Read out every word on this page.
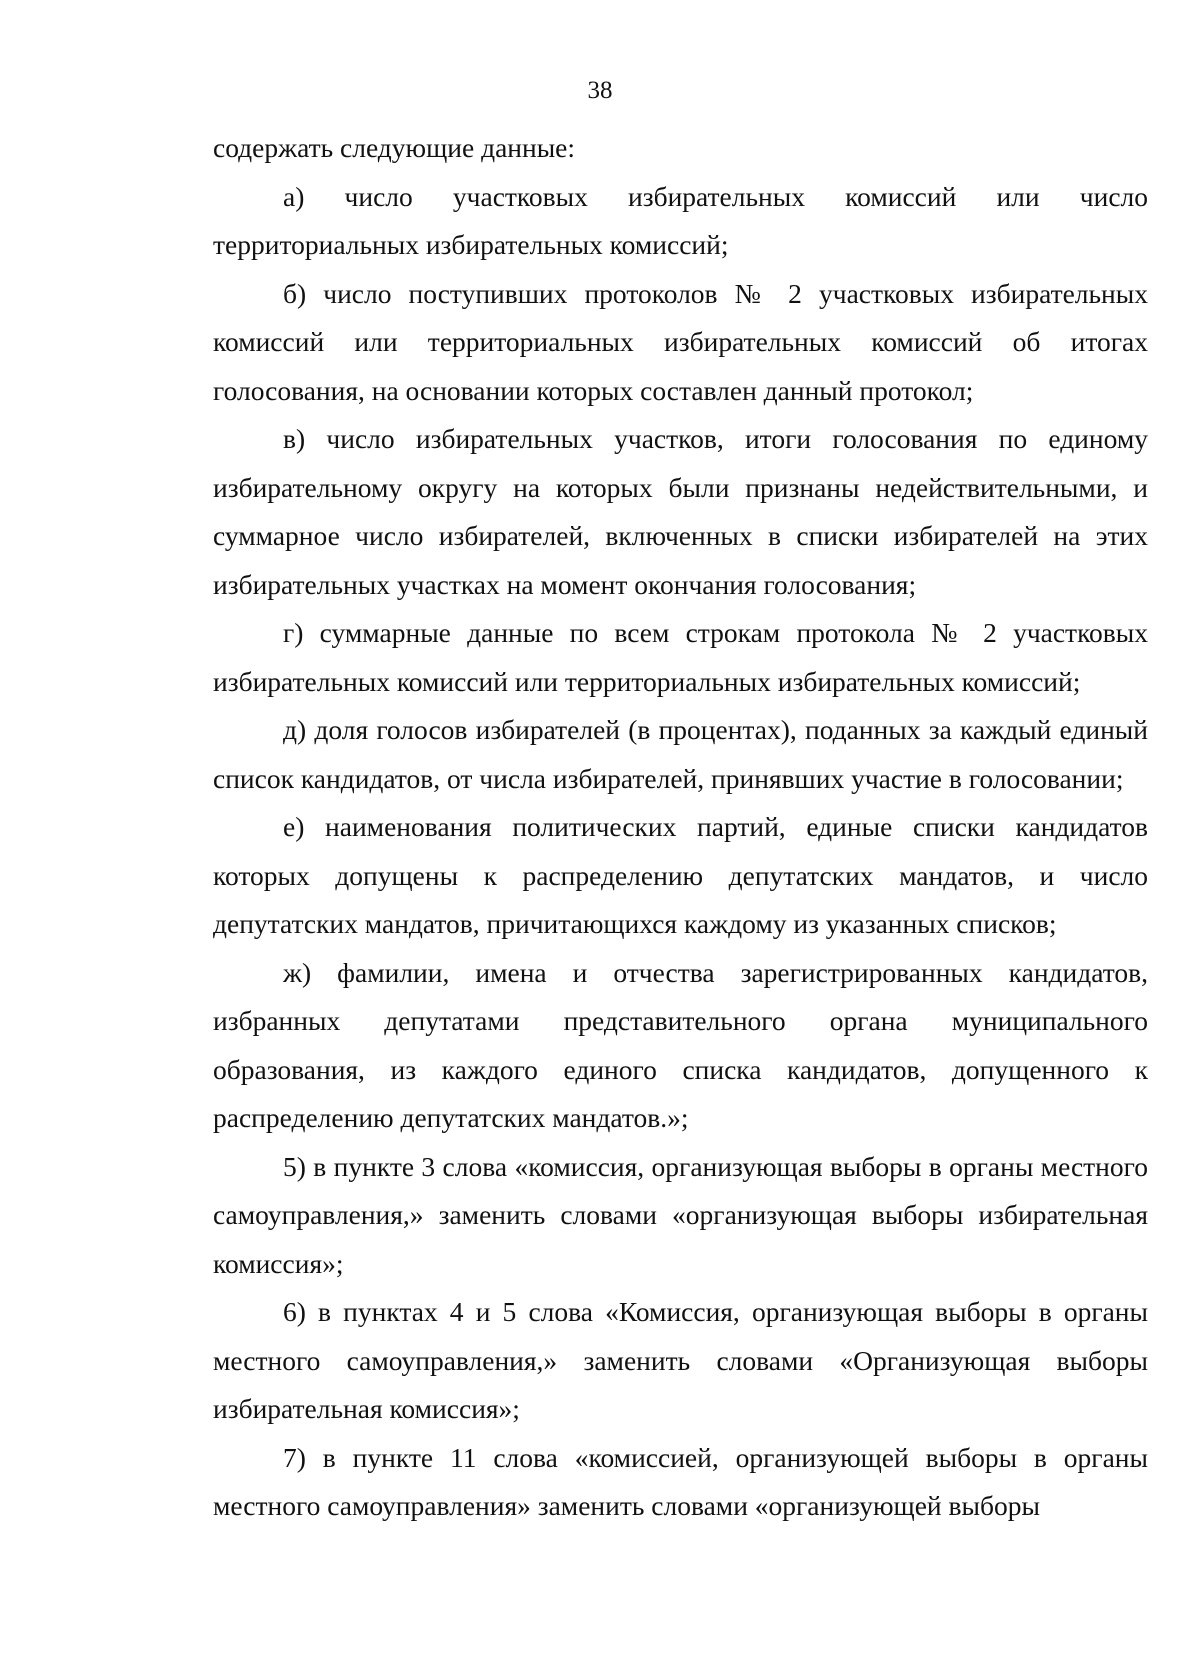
38

содержать следующие данные:

а) число участковых избирательных комиссий или число территориальных избирательных комиссий;

б) число поступивших протоколов № 2 участковых избирательных комиссий или территориальных избирательных комиссий об итогах голосования, на основании которых составлен данный протокол;

в) число избирательных участков, итоги голосования по единому избирательному округу на которых были признаны недействительными, и суммарное число избирателей, включенных в списки избирателей на этих избирательных участках на момент окончания голосования;

г) суммарные данные по всем строкам протокола № 2 участковых избирательных комиссий или территориальных избирательных комиссий;

д) доля голосов избирателей (в процентах), поданных за каждый единый список кандидатов, от числа избирателей, принявших участие в голосовании;

е) наименования политических партий, единые списки кандидатов которых допущены к распределению депутатских мандатов, и число депутатских мандатов, причитающихся каждому из указанных списков;

ж) фамилии, имена и отчества зарегистрированных кандидатов, избранных депутатами представительного органа муниципального образования, из каждого единого списка кандидатов, допущенного к распределению депутатских мандатов.»;

5) в пункте 3 слова «комиссия, организующая выборы в органы местного самоуправления,» заменить словами «организующая выборы избирательная комиссия»;

6) в пунктах 4 и 5 слова «Комиссия, организующая выборы в органы местного самоуправления,» заменить словами «Организующая выборы избирательная комиссия»;

7) в пункте 11 слова «комиссией, организующей выборы в органы местного самоуправления» заменить словами «организующей выборы
